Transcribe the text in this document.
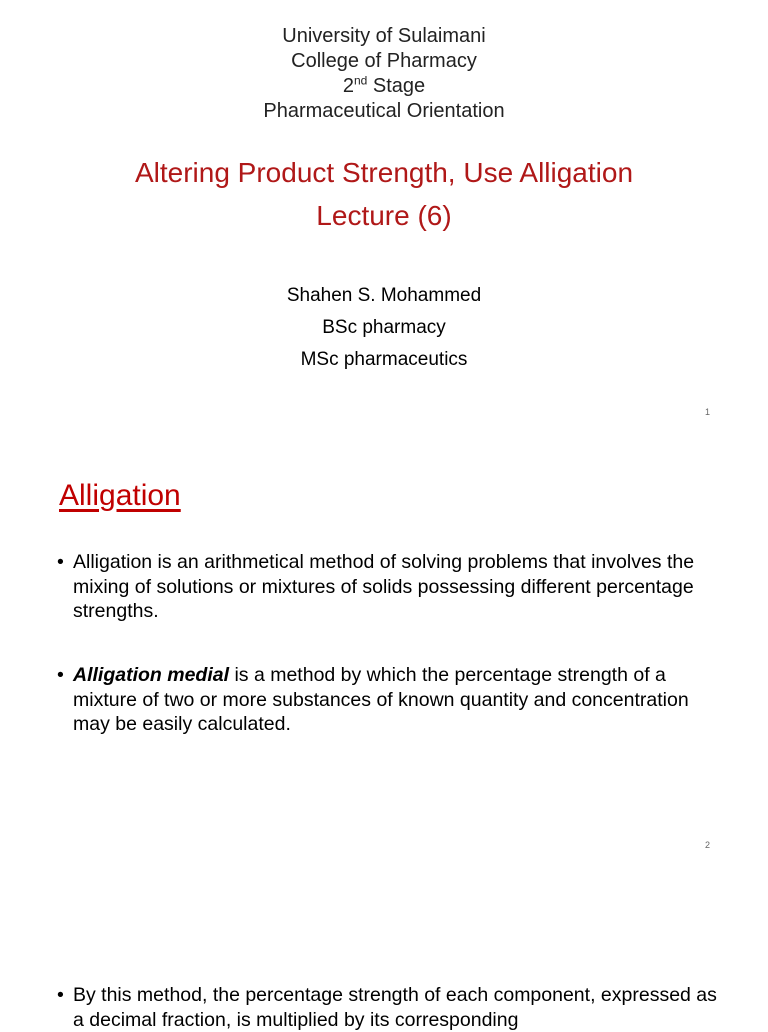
University of Sulaimani
College of Pharmacy
2nd Stage
Pharmaceutical Orientation
Altering Product Strength, Use Alligation
Lecture (6)
Shahen S. Mohammed
BSc pharmacy
MSc pharmaceutics
1
Alligation
• Alligation is an arithmetical method of solving problems that involves the mixing of solutions or mixtures of solids possessing different percentage strengths.
• Alligation medial is a method by which the percentage strength of a mixture of two or more substances of known quantity and concentration may be easily calculated.
2
• By this method, the percentage strength of each component, expressed as a decimal fraction, is multiplied by its corresponding
